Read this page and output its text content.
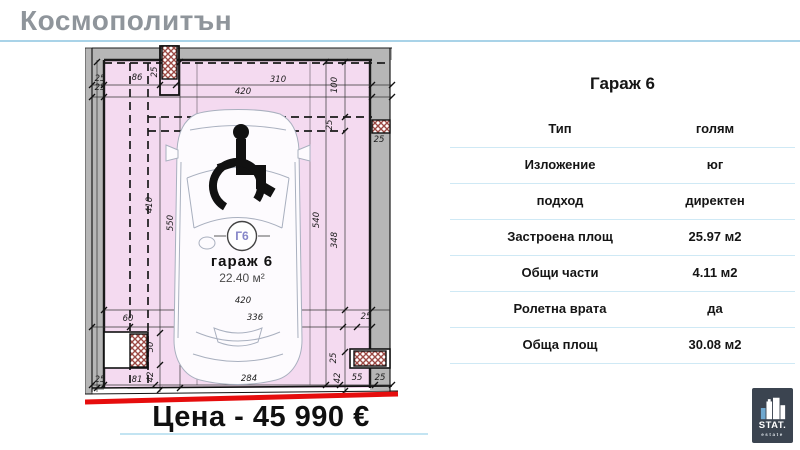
Космополитън
Г6
гараж 6
22.40 м²
25
25
86	310
420	100
25
25
25
410
550	540
348
420
336
60	25
50
42
25	81	284
25
42 55 25
Цена - 45 990 €
Гараж 6
Тип	голям
Изложение	юг
подход	директен
Застроена площ	25.97 м2
Общи части	4.11 м2
Ролетна врата	да
Обща площ	30.08 м2
STAT.
estate
